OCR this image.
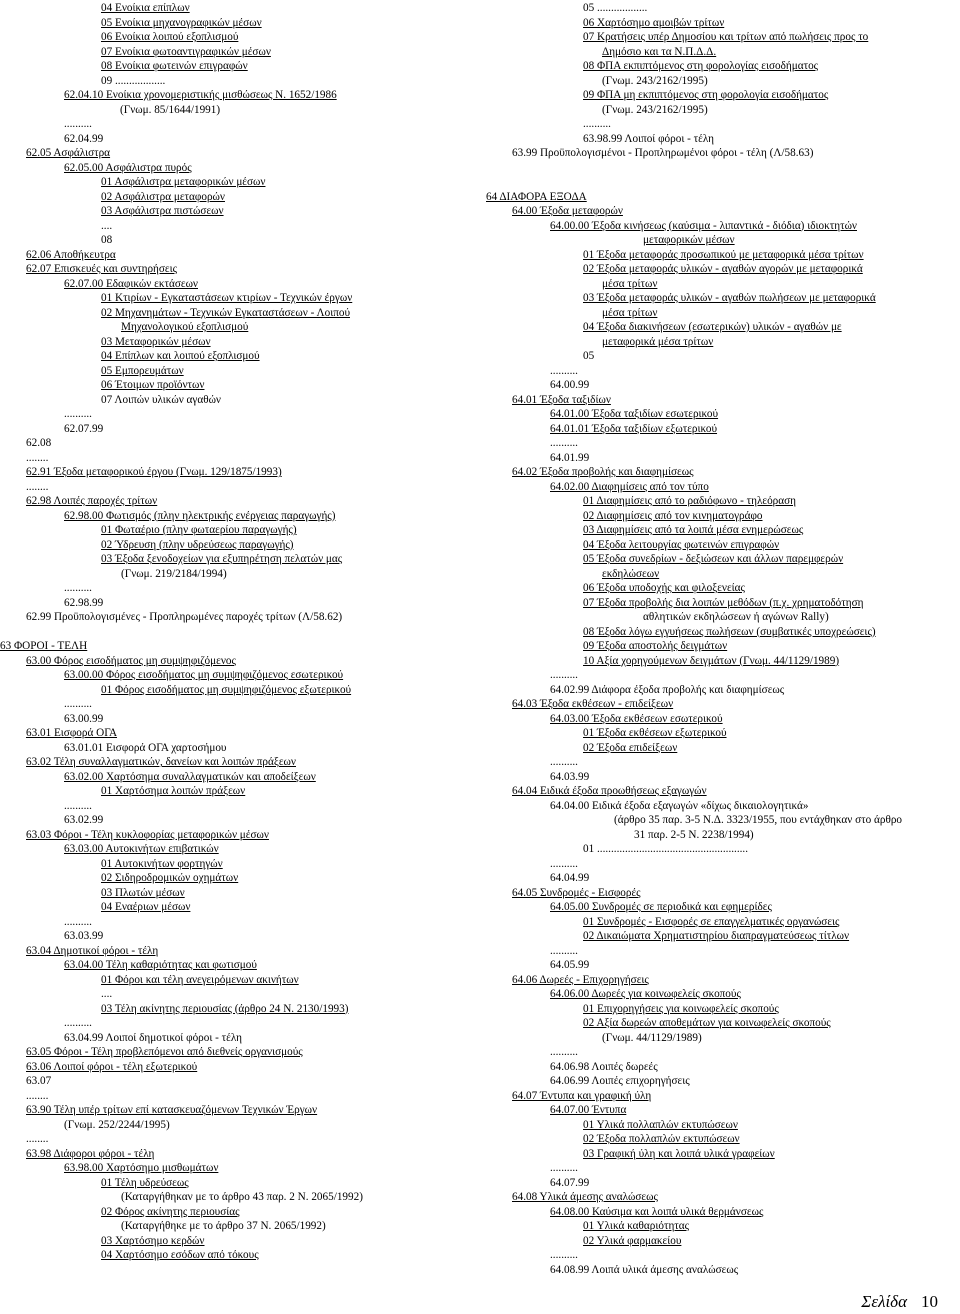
04 Ενοίκια επίπλων
05 Ενοίκια μηχανογραφικών μέσων
06 Ενοίκια λοιπού εξοπλισμού
07 Ενοίκια φωτοαντιγραφικών μέσων
08 Ενοίκια φωτεινών επιγραφών
09 ..................
62.04.10 Ενοίκια χρονομεριστικής μισθώσεως Ν. 1652/1986
(Γνωμ. 85/1644/1991)
..........
62.04.99
62.05 Ασφάλιστρα
62.05.00 Ασφάλιστρα πυρός
01 Ασφάλιστρα μεταφορικών μέσων
02 Ασφάλιστρα μεταφορών
03 Ασφάλιστρα πιστώσεων
....
08
62.06 Αποθήκευτρα
62.07 Επισκευές και συντηρήσεις
62.07.00 Εδαφικών εκτάσεων
01 Κτιρίων - Εγκαταστάσεων κτιρίων - Τεχνικών έργων
02 Μηχανημάτων - Τεχνικών Εγκαταστάσεων - Λοιπού
Μηχανολογικού εξοπλισμού
03 Μεταφορικών μέσων
04 Επίπλων και λοιπού εξοπλισμού
05 Εμπορευμάτων
06 Έτοιμων προϊόντων
07 Λοιπών υλικών αγαθών
..........
62.07.99
62.08
........
62.91 Έξοδα μεταφορικού έργου (Γνωμ. 129/1875/1993)
........
62.98 Λοιπές παροχές τρίτων
62.98.00 Φωτισμός (πλην ηλεκτρικής ενέργειας παραγωγής)
01 Φωταέριο (πλην φωταερίου παραγωγής)
02 Ύδρευση (πλην υδρεύσεως παραγωγής)
03 Έξοδα ξενοδοχείων για εξυπηρέτηση πελατών μας
(Γνωμ. 219/2184/1994)
..........
62.98.99
62.99 Προϋπολογισμένες - Προπληρωμένες παροχές τρίτων (Λ/58.62)
63 ΦΟΡΟΙ - ΤΕΛΗ
63.00 Φόρος εισοδήματος μη συμψηφιζόμενος
63.00.00 Φόρος εισοδήματος μη συμψηφιζόμενος εσωτερικού
01 Φόρος εισοδήματος μη συμψηφιζόμενος εξωτερικού
..........
63.00.99
63.01 Εισφορά ΟΓΑ
63.01.01 Εισφορά ΟΓΑ χαρτοσήμου
63.02 Τέλη συναλλαγματικών, δανείων και λοιπών πράξεων
63.02.00 Χαρτόσημα συναλλαγματικών και αποδείξεων
01 Χαρτόσημα λοιπών πράξεων
..........
63.02.99
63.03 Φόροι - Τέλη κυκλοφορίας μεταφορικών μέσων
63.03.00 Αυτοκινήτων επιβατικών
01 Αυτοκινήτων φορτηγών
02 Σιδηροδρομικών οχημάτων
03 Πλωτών μέσων
04 Εναέριων μέσων
..........
63.03.99
63.04 Δημοτικοί φόροι - τέλη
63.04.00 Τέλη καθαριότητας και φωτισμού
01 Φόροι και τέλη ανεγειρόμενων ακινήτων
....
03 Τέλη ακίνητης περιουσίας (άρθρο 24 Ν. 2130/1993)
..........
63.04.99 Λοιποί δημοτικοί φόροι - τέλη
63.05 Φόροι - Τέλη προβλεπόμενοι από διεθνείς οργανισμούς
63.06 Λοιποί φόροι - τέλη εξωτερικού
63.07
........
63.90 Τέλη υπέρ τρίτων επί κατασκευαζόμενων Τεχνικών Έργων
(Γνωμ. 252/2244/1995)
........
63.98 Διάφοροι φόροι - τέλη
63.98.00 Χαρτόσημο μισθωμάτων
01 Τέλη υδρεύσεως
(Καταργήθηκαν με το άρθρο 43 παρ. 2 Ν. 2065/1992)
02 Φόρος ακίνητης περιουσίας
(Καταργήθηκε με το άρθρο 37 Ν. 2065/1992)
03 Χαρτόσημο κερδών
04 Χαρτόσημο εσόδων από τόκους
05 ..................
06 Χαρτόσημο αμοιβών τρίτων
07 Κρατήσεις υπέρ Δημοσίου και τρίτων από πωλήσεις προς το
Δημόσιο και τα Ν.Π.Δ.Δ.
08 ΦΠΑ εκπιπτόμενος στη φορολογίας εισοδήματος
(Γνωμ. 243/2162/1995)
09 ΦΠΑ μη εκπιπτόμενος στη φορολογία εισοδήματος
(Γνωμ. 243/2162/1995)
..........
63.98.99 Λοιποί φόροι - τέλη
63.99 Προϋπολογισμένοι - Προπληρωμένοι φόροι - τέλη (Λ/58.63)
64 ΔΙΑΦΟΡΑ ΕΞΟΔΑ
64.00 Έξοδα μεταφορών
64.00.00 Έξοδα κινήσεως (καύσιμα - λιπαντικά - διόδια) ιδιοκτητών
μεταφορικών μέσων
01 Έξοδα μεταφοράς προσωπικού με μεταφορικά μέσα τρίτων
02 Έξοδα μεταφοράς υλικών - αγαθών αγορών με μεταφορικά
μέσα τρίτων
03 Έξοδα μεταφοράς υλικών - αγαθών πωλήσεων με μεταφορικά
μέσα τρίτων
04 Έξοδα διακινήσεων (εσωτερικών) υλικών - αγαθών με
μεταφορικά μέσα τρίτων
05
..........
64.00.99
64.01 Έξοδα ταξιδίων
64.01.00 Έξοδα ταξιδίων εσωτερικού
64.01.01 Έξοδα ταξιδίων εξωτερικού
..........
64.01.99
64.02 Έξοδα προβολής και διαφημίσεως
64.02.00 Διαφημίσεις από τον τύπο
01 Διαφημίσεις από το ραδιόφωνο - τηλεόραση
02 Διαφημίσεις από τον κινηματογράφο
03 Διαφημίσεις από τα λοιπά μέσα ενημερώσεως
04 Έξοδα λειτουργίας φωτεινών επιγραφών
05 Έξοδα συνεδρίων - δεξιώσεων και άλλων παρεμφερών
εκδηλώσεων
06 Έξοδα υποδοχής και φιλοξενείας
07 Έξοδα προβολής δια λοιπών μεθόδων (π.χ. χρηματοδότηση
αθλητικών εκδηλώσεων ή αγώνων Rally)
08 Έξοδα λόγω εγγυήσεως πωλήσεων (συμβατικές υποχρεώσεις)
09 Έξοδα αποστολής δειγμάτων
10 Αξία χορηγούμενων δειγμάτων (Γνωμ. 44/1129/1989)
..........
64.02.99 Διάφορα έξοδα προβολής και διαφημίσεως
64.03 Έξοδα εκθέσεων - επιδείξεων
64.03.00 Έξοδα εκθέσεων εσωτερικού
01 Έξοδα εκθέσεων εξωτερικού
02 Έξοδα επιδείξεων
..........
64.03.99
64.04 Ειδικά έξοδα προωθήσεως εξαγωγών
64.04.00 Ειδικά έξοδα εξαγωγών «δίχως δικαιολογητικά»
(άρθρο 35 παρ. 3-5 Ν.Δ. 3323/1955, που εντάχθηκαν στο άρθρο
31 παρ. 2-5 Ν. 2238/1994)
01 ......................................................
..........
64.04.99
64.05 Συνδρομές - Εισφορές
64.05.00 Συνδρομές σε περιοδικά και εφημερίδες
01 Συνδρομές - Εισφορές σε επαγγελματικές οργανώσεις
02 Δικαιώματα Χρηματιστηρίου διαπραγματεύσεως τίτλων
..........
64.05.99
64.06 Δωρεές - Επιχορηγήσεις
64.06.00 Δωρεές για κοινωφελείς σκοπούς
01 Επιχορηγήσεις για κοινωφελείς σκοπούς
02 Αξία δωρεών αποθεμάτων για κοινωφελείς σκοπούς
(Γνωμ. 44/1129/1989)
..........
64.06.98 Λοιπές δωρεές
64.06.99 Λοιπές επιχορηγήσεις
64.07 Έντυπα και γραφική ύλη
64.07.00 Έντυπα
01 Υλικά πολλαπλών εκτυπώσεων
02 Έξοδα πολλαπλών εκτυπώσεων
03 Γραφική ύλη και λοιπά υλικά γραφείων
..........
64.07.99
64.08 Υλικά άμεσης αναλώσεως
64.08.00 Καύσιμα και λοιπά υλικά θερμάνσεως
01 Υλικά καθαριότητας
02 Υλικά φαρμακείου
..........
64.08.99 Λοιπά υλικά άμεσης αναλώσεως
Σελίδα 10
